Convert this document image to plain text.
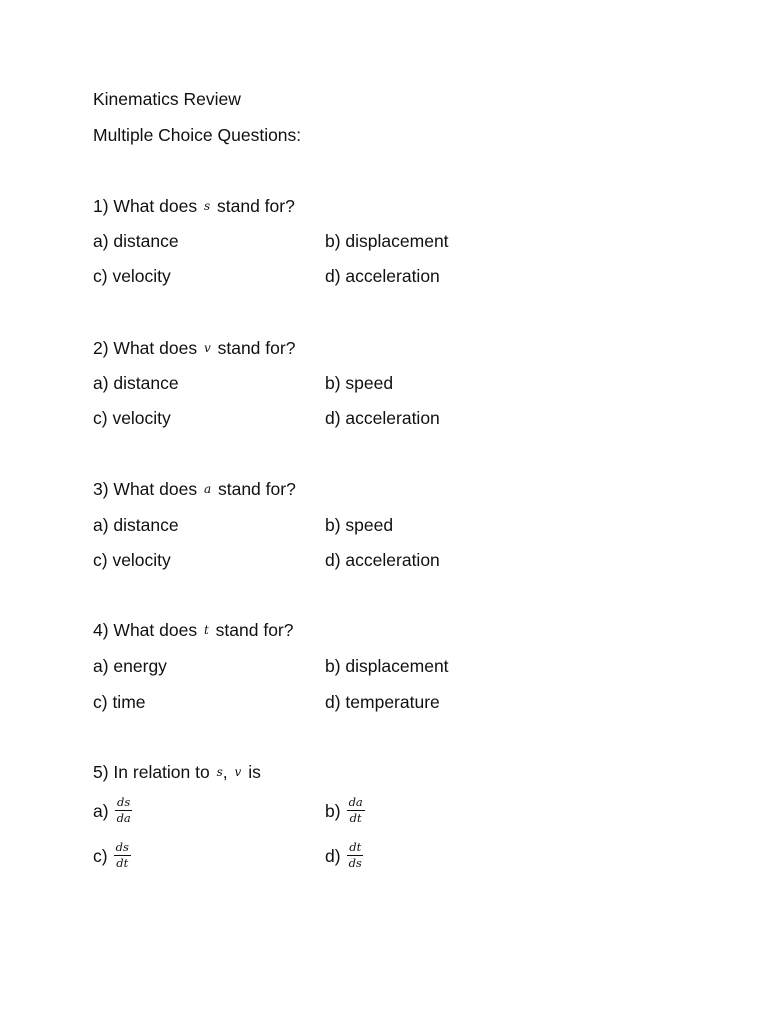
Kinematics Review
Multiple Choice Questions:
1) What does s stand for?
a) distance	b) displacement
c) velocity	d) acceleration
2) What does v stand for?
a) distance	b) speed
c) velocity	d) acceleration
3) What does a stand for?
a) distance	b) speed
c) velocity	d) acceleration
4) What does t stand for?
a) energy	b) displacement
c) time	d) temperature
5) In relation to s, v is
$a) \frac{ds}{da}$	$b) \frac{da}{dt}$
$c) \frac{ds}{dt}$	$d) \frac{dt}{ds}$
